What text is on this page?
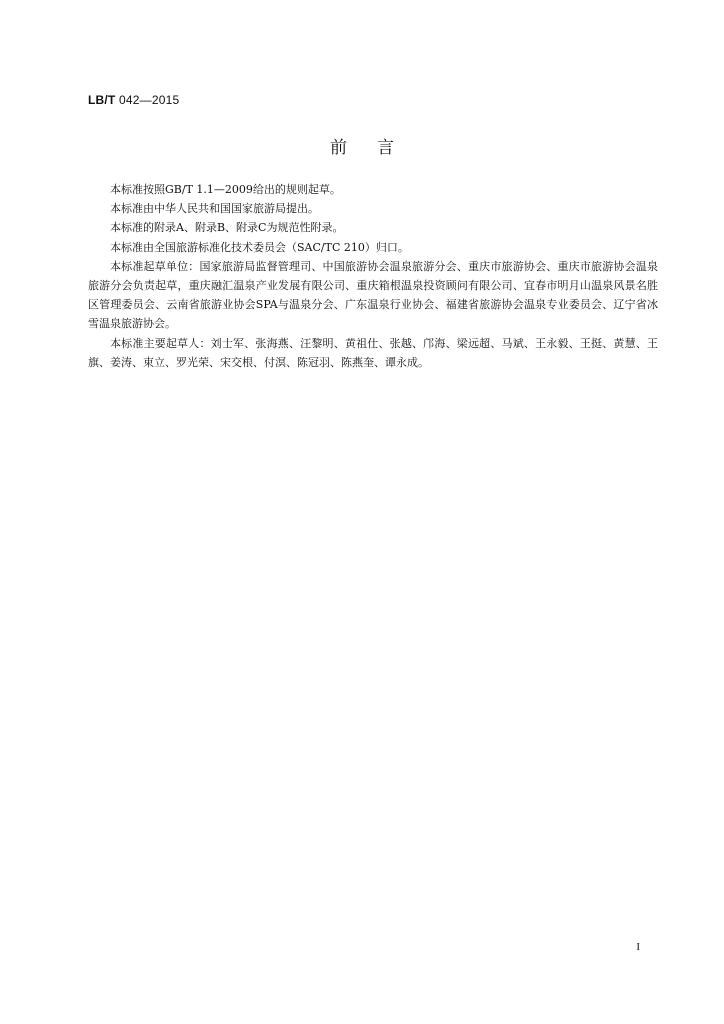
LB/T 042—2015
前言

本标准按照GB/T 1.1—2009给出的规则起草。

本标准由中华人民共和国国家旅游局提出。

本标准的附录A、附录B、附录C为规范性附录。

本标准由全国旅游标准化技术委员会（SAC/TC 210）归口。

本标准起草单位：国家旅游局监督管理司、中国旅游协会温泉旅游分会、重庆市旅游协会、重庆市旅游协会温泉旅游分会负责起草，重庆融汇温泉产业发展有限公司、重庆箱根温泉投资顾问有限公司、宜春市明月山温泉风景名胜区管理委员会、云南省旅游业协会SPA与温泉分会、广东温泉行业协会、福建省旅游协会温泉专业委员会、辽宁省冰雪温泉旅游协会。

本标准主要起草人：刘士军、张海燕、汪黎明、黄祖仕、张越、邝海、梁远超、马斌、王永毅、王挺、黄慧、王旗、姜涛、束立、罗光荣、宋交根、付溟、陈冠羽、陈燕奎、谭永成。

I
